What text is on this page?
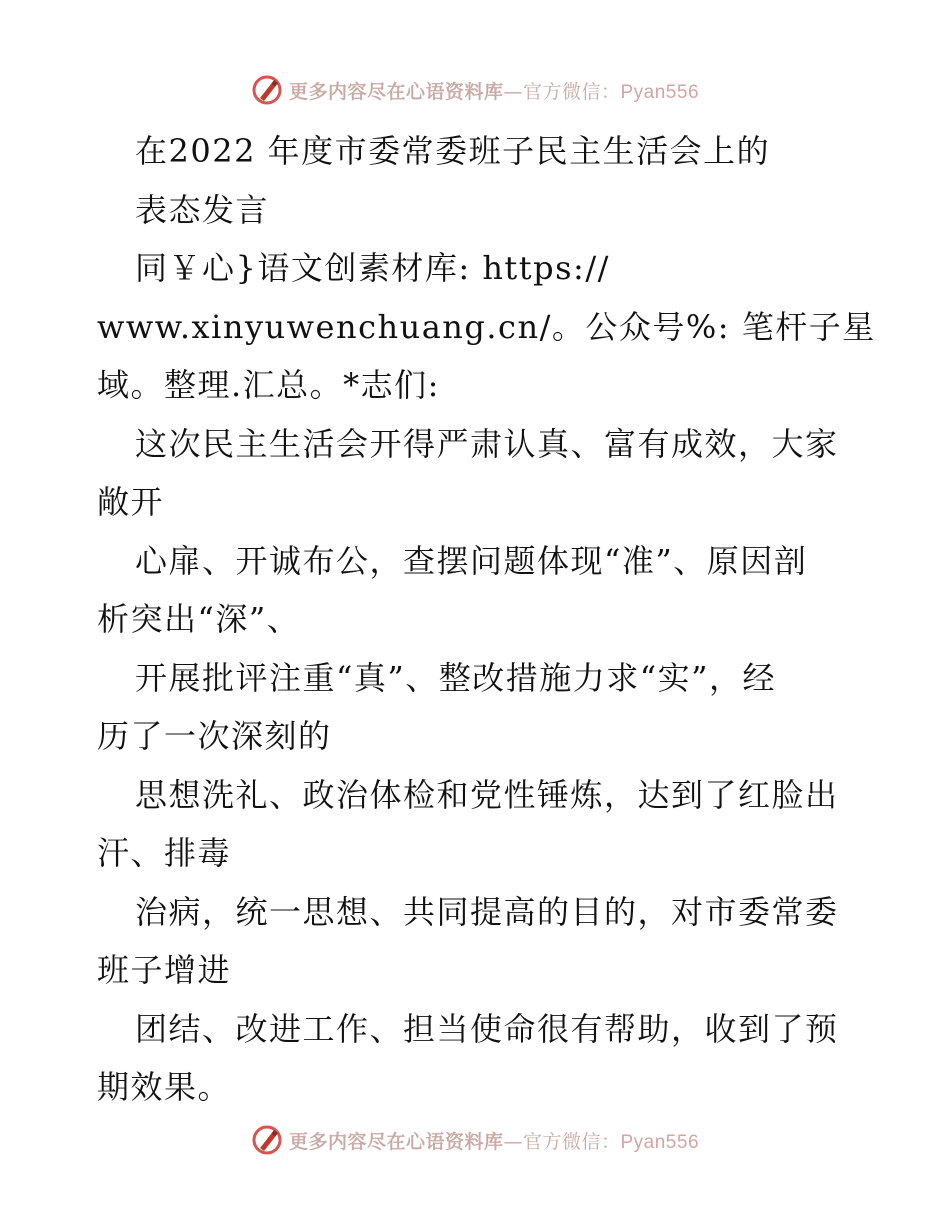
更多内容尽在心语资料库 — 官方微信： Pyan556
在2022 年度市委常委班子民主生活会上的
表态发言
同￥心}语文创素材库: https://
www.xinyuwenchuang.cn/。公众号%: 笔杆子星
域。整理.汇总。*志们:
这次民主生活会开得严肃认真、富有成效，大家
敞开
心扉、开诚布公，查摆问题体现“准”、原因剖
析突出“深”、
开展批评注重“真”、整改措施力求“实”，经
历了一次深刻的
思想洗礼、政治体检和党性锤炼，达到了红脸出
汗、排毒
治病，统一思想、共同提高的目的，对市委常委
班子增进
团结、改进工作、担当使命很有帮助，收到了预
期效果。
更多内容尽在心语资料库 — 官方微信： Pyan556
